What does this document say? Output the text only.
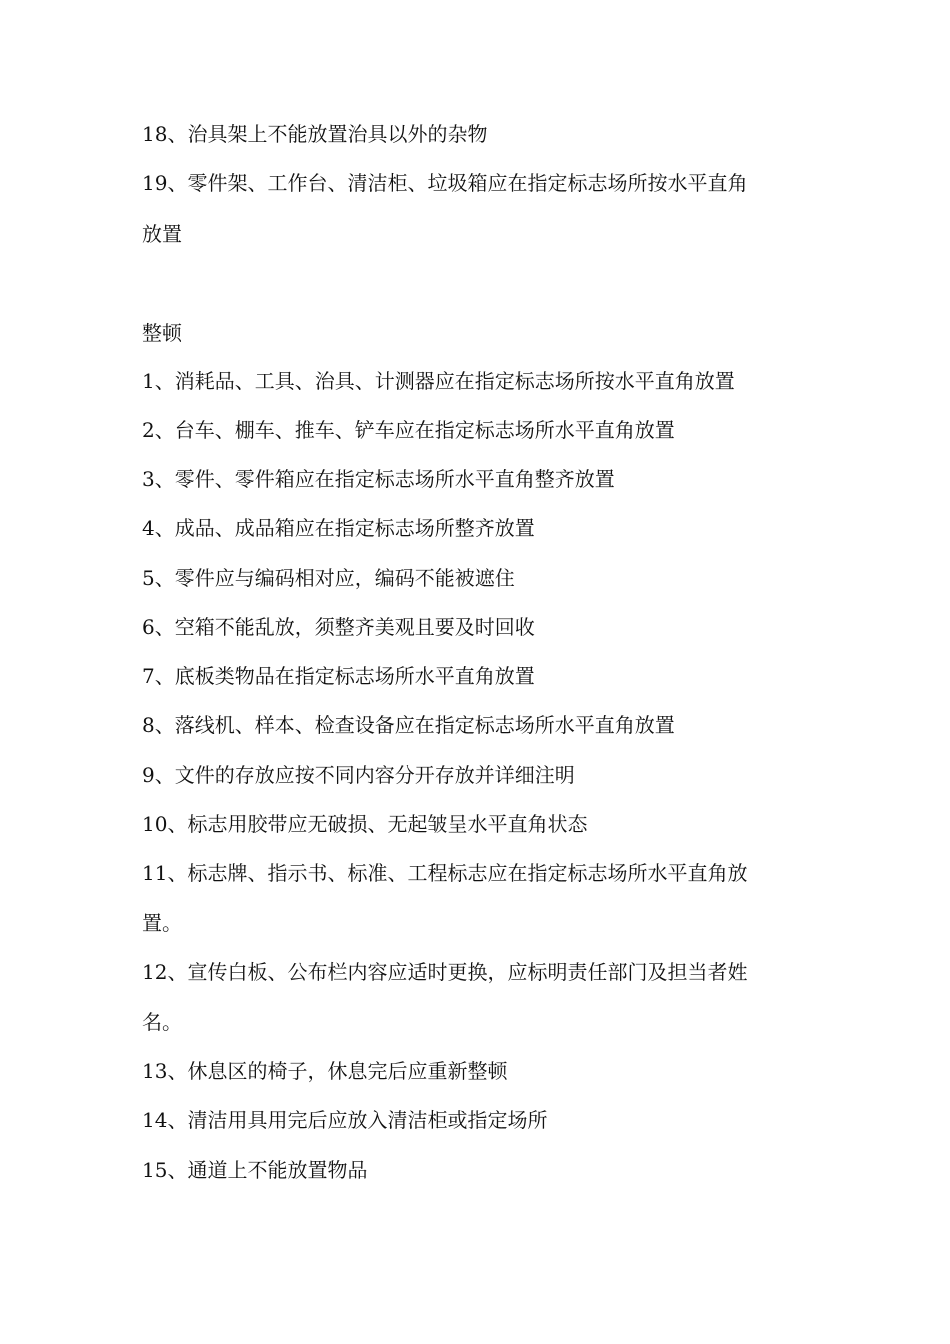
18、治具架上不能放置治具以外的杂物
19、零件架、工作台、清洁柜、垃圾箱应在指定标志场所按水平直角
放置
整顿
1、消耗品、工具、治具、计测器应在指定标志场所按水平直角放置
2、台车、棚车、推车、铲车应在指定标志场所水平直角放置
3、零件、零件箱应在指定标志场所水平直角整齐放置
4、成品、成品箱应在指定标志场所整齐放置
5、零件应与编码相对应，编码不能被遮住
6、空箱不能乱放，须整齐美观且要及时回收
7、底板类物品在指定标志场所水平直角放置
8、落线机、样本、检查设备应在指定标志场所水平直角放置
9、文件的存放应按不同内容分开存放并详细注明
10、标志用胶带应无破损、无起皱呈水平直角状态
11、标志牌、指示书、标准、工程标志应在指定标志场所水平直角放
置。
12、宣传白板、公布栏内容应适时更换，应标明责任部门及担当者姓
名。
13、休息区的椅子，休息完后应重新整顿
14、清洁用具用完后应放入清洁柜或指定场所
15、通道上不能放置物品
